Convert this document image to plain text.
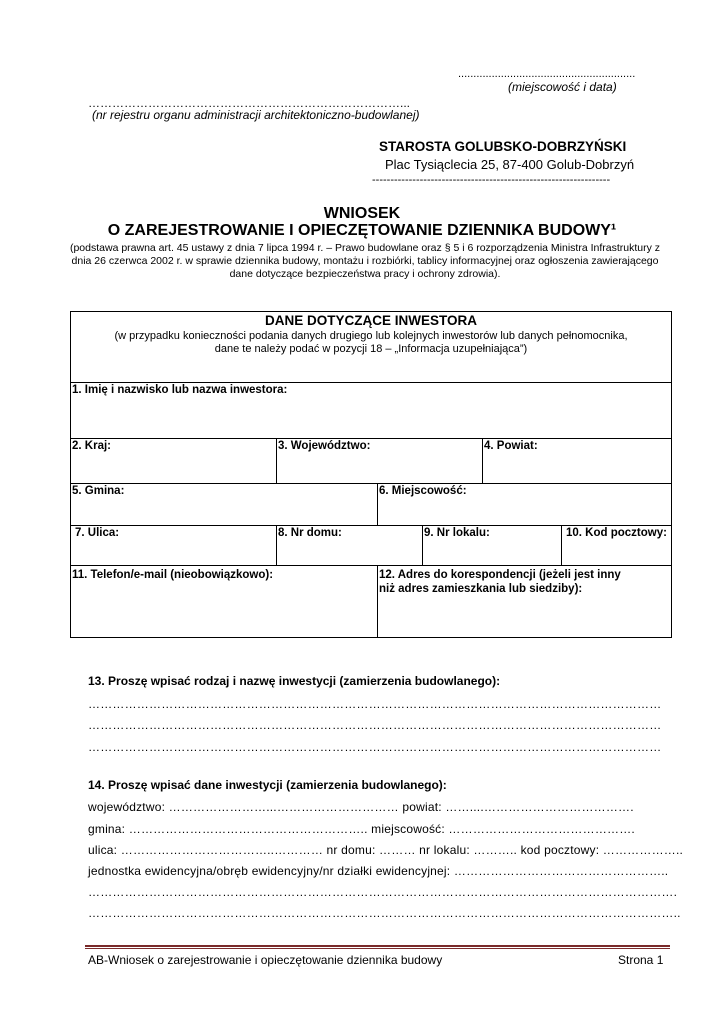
..........................................................
(miejscowość i data)
……………………………………………………………………...
(nr rejestru organu administracji architektoniczno-budowlanej)
STAROSTA GOLUBSKO-DOBRZYŃSKI
Plac Tysiąclecia 25, 87-400 Golub-Dobrzyń
-----------------------------------------------------------------
WNIOSEK
O ZAREJESTROWANIE I OPIECZĘTOWANIE DZIENNIKA BUDOWY¹
(podstawa prawna art. 45 ustawy z dnia 7 lipca 1994 r. – Prawo budowlane oraz § 5 i 6 rozporządzenia Ministra Infrastruktury z dnia 26 czerwca 2002 r. w sprawie dziennika budowy, montażu i rozbiórki, tablicy informacyjnej oraz ogłoszenia zawierającego dane dotyczące bezpieczeństwa pracy i ochrony zdrowia).
DANE DOTYCZĄCE INWESTORA
(w przypadku konieczności podania danych drugiego lub kolejnych inwestorów lub danych pełnomocnika,
dane te należy podać w pozycji 18 – „Informacja uzupełniająca”)
1. Imię i nazwisko lub nazwa inwestora:
2. Kraj:	3. Województwo:	4. Powiat:
5. Gmina:	6. Miejscowość:
7. Ulica:	8. Nr domu:	9. Nr lokalu:	10. Kod pocztowy:
11. Telefon/e-mail (nieobowiązkowo):	12. Adres do korespondencji (jeżeli jest inny
niż adres zamieszkania lub siedziby):
13. Proszę wpisać rodzaj i nazwę inwestycji (zamierzenia budowlanego):
……………………………………………………………………………………………………………………………
……………………………………………………………………………………………………………………………
……………………………………………………………………………………………………………………………
14. Proszę wpisać dane inwestycji (zamierzenia budowlanego):
województwo: ……………………...………………………… powiat: ……....……………………………….
gmina: ………………………………………………….. miejscowość: ……………………………………….
ulica: ………………………………..………… nr domu: ……… nr lokalu: ……….. kod pocztowy: ………………..
jednostka ewidencyjna/obręb ewidencyjny/nr działki ewidencyjnej: ……………………………………………..
……………………………………………………………………………………………………………………………….
………………………………………………………………………………………………………………………………..
AB-Wniosek o zarejestrowanie i opieczętowanie dziennika budowy	Strona 1
